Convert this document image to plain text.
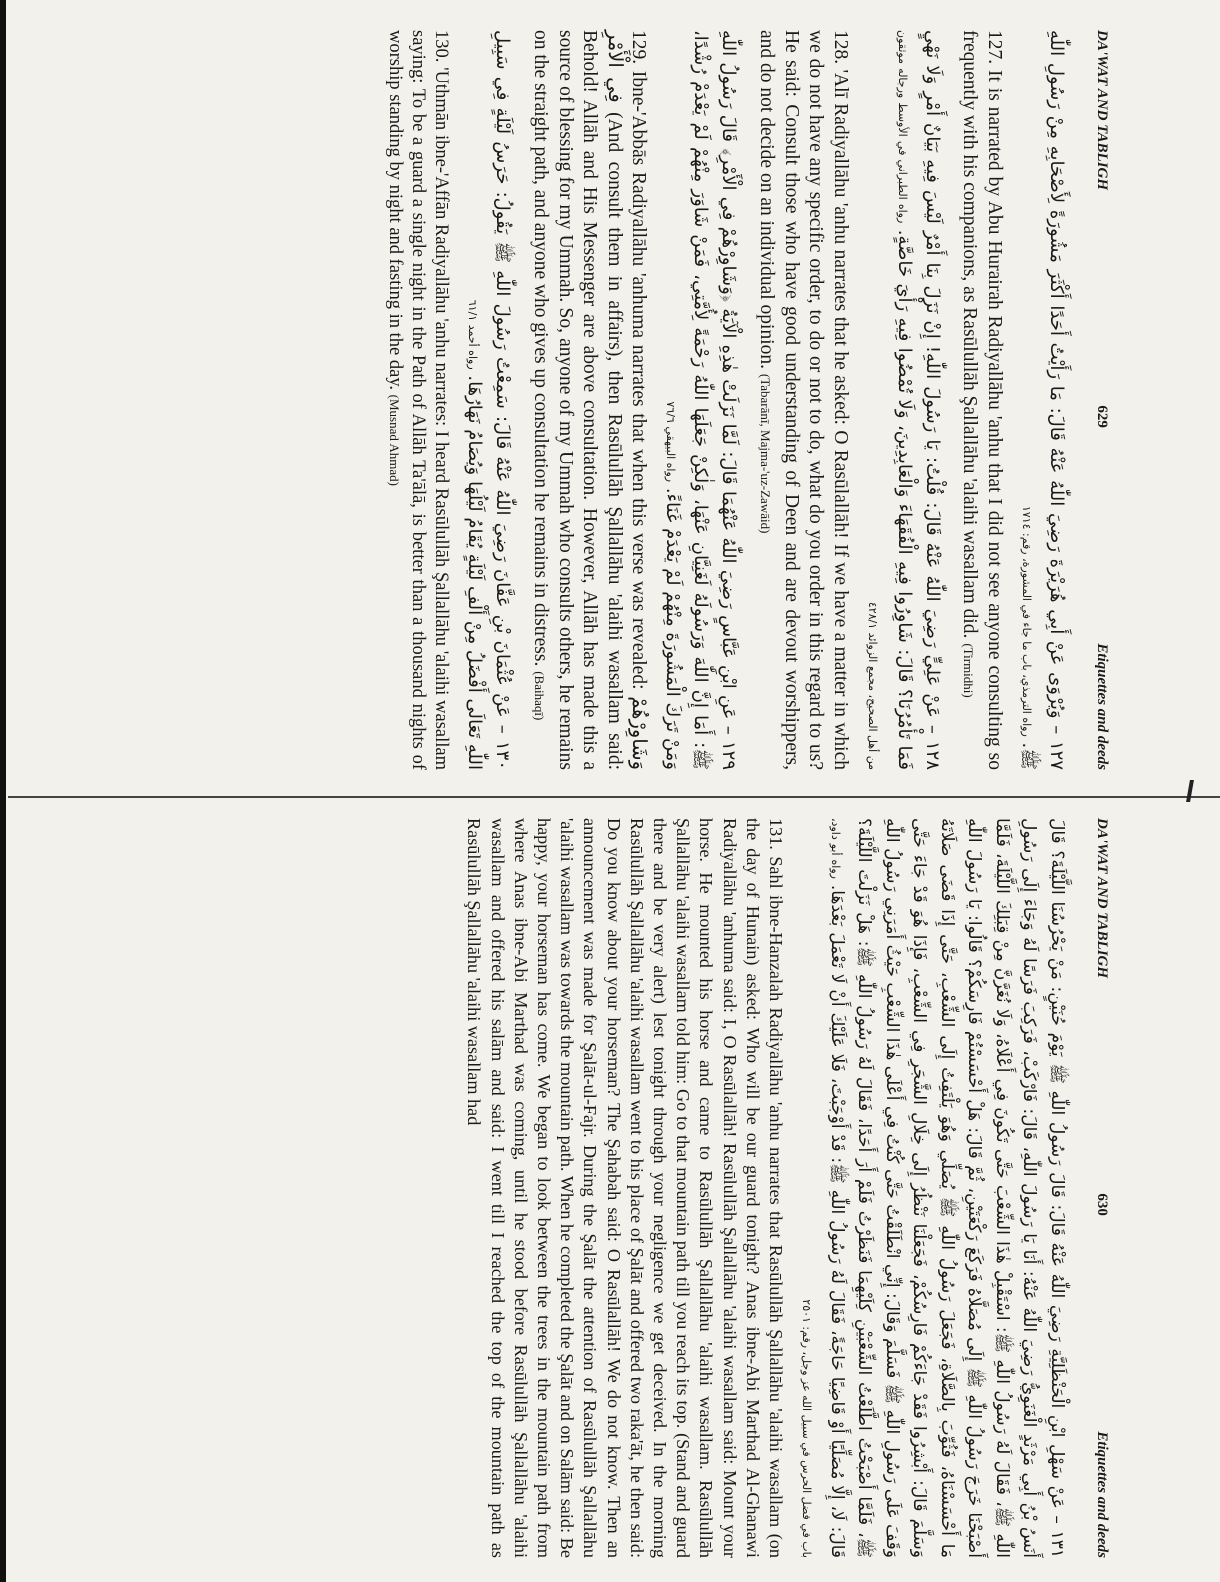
DA'WAT AND TABLIGH
629
Etiquettes and deeds

١٢٧ – وَيُرْوَى عَنْ أَبِي هُرَيْرَةَ رَضِيَ اللّٰهُ عَنْهُ قَالَ: مَا رَأَيْتُ أَحَدًا أَكْثَرَ مَشُورَةً لِأَصْحَابِهِ مِنْ رَسُولِ اللّٰهِ ﷺ. رواه الترمذي، باب ما جاء في المشورة، رقم: ١٧١٤

127. It is narrated by Abu Hurairah Radiyallāhu 'anhu that I did not see anyone consulting so frequently with his companions, as Rasūlullāh Şallallāhu 'alaihi wasallam did. (Tirmidhi)

١٢٨ – عَنْ عَلِيٍّ رَضِيَ اللّٰهُ عَنْهُ قَالَ: قُلْتُ: يَا رَسُولَ اللّٰهِ! إِنْ نَزَلَ بِنَا أَمْرٌ لَيْسَ فِيهِ بَيَانٌ أَمْرٍ وَلَا نَهْيٍ فَمَا تَأْمُرُنَا؟ قَالَ: شَاوِرُوا فِيهِ الْفُقَهَاءَ وَالْعَابِدِينَ، وَلَا تُمْضُوا فِيهِ رَأْيَ خَاصَّةٍ. رواه الطبراني في الأوسط ورجاله موثقون من أهل الصحيح، مجمع الزوائد ٤٢٨/١

128. 'Alī Radiyallāhu 'anhu narrates that he asked: O Rasūlallāh! If we have a matter in which we do not have any specific order, to do or not to do, what do you order in this regard to us? He said: Consult those who have good understanding of Deen and are devout worshippers, and do not decide on an individual opinion. (Tabarānī, Majma-'uz-Zawāid)

١٢٩ – عَنِ ابْنِ عَبَّاسٍ رَضِيَ اللّٰهُ عَنْهُمَا قَالَ: لَمَّا نَزَلَتْ هٰذِهِ الْآيَةُ ﴿وَشَاوِرْهُمْ فِي الْأَمْرِ﴾ قَالَ رَسُولُ اللّٰهِ ﷺ: أَمَا إِنَّ اللّٰهَ وَرَسُولَهُ لَغَنِيَّانِ عَنْهَا، وَلٰكِنْ جَعَلَهَا اللّٰهُ رَحْمَةً لِأُمَّتِي، فَمَنْ شَاوَرَ مِنْهُمْ لَمْ يَعْدَمْ رُشْدًا، وَمَنْ تَرَكَ الْمَشُورَةَ مِنْهُمْ لَمْ يَعْدَمْ غَنَاءً. رواه البيهقي ٧٦/٦

129. Ibne-'Abbās Radiyallāhu 'anhuma narrates that when this verse was revealed: وَشَاوِرْهُمْ فِي الْأَمْرِ (And consult them in affairs), then Rasūlullāh Şallallāhu 'alaihi wasallam said: Behold! Allāh and His Messenger are above consultation. However, Allāh has made this a source of blessing for my Ummah. So, anyone of my Ummah who consults others, he remains on the straight path, and anyone who gives up consultation he remains in distress. (Baihaqī)

١٣٠ – عَنْ عُثْمَانَ بْنِ عَفَّانَ رَضِيَ اللّٰهُ عَنْهُ قَالَ: سَمِعْتُ رَسُولَ اللّٰهِ ﷺ يَقُولُ: حَرَسُ لَيْلَةٍ فِي سَبِيلِ اللّٰهِ تَعَالَى أَفْضَلُ مِنْ أَلْفِ لَيْلَةٍ يُقَامُ لَيْلُهَا وَيُصَامُ نَهَارُهَا. رواه أحمد ٦١/١

130. 'Uthmān ibne-'Affān Radiyallāhu 'anhu narrates: I heard Rasūlullāh Şallallāhu 'alaihi wasallam saying: To be a guard a single night in the Path of Allāh Ta'ālā, is better than a thousand nights of worship standing by night and fasting in the day. (Musnad Ahmad)

DA'WAT AND TABLIGH
630
Etiquettes and deeds

١٣١ – عَنْ سَهْلِ ابْنِ الْحَنْظَلِيَّةِ رَضِيَ اللّٰهُ عَنْهُ قَالَ: قَالَ رَسُولُ اللّٰهِ ﷺ يَوْمَ حُنَيْنٍ: مَنْ يَحْرُسُنَا اللَّيْلَةَ؟ قَالَ أَنَسُ بْنُ أَبِي مَرْثَدٍ الْغَنَوِيُّ رَضِيَ اللّٰهُ عَنْهُ: أَنَا يَا رَسُولَ اللّٰهِ، قَالَ: فَارْكَبْ، فَرَكِبَ فَرَسًا لَهُ وَجَاءَ إِلَى رَسُولِ اللّٰهِ ﷺ، فَقَالَ لَهُ رَسُولُ اللّٰهِ ﷺ: اسْتَقْبِلْ هٰذَا الشِّعْبَ حَتَّى تَكُونَ فِي أَعْلَاهُ، وَلَا نُغَرَّنَّ مِنْ قِبَلِكَ اللَّيْلَةَ، فَلَمَّا أَصْبَحْنَا خَرَجَ رَسُولُ اللّٰهِ ﷺ إِلَى مُصَلَّاهُ فَرَكَعَ رَكْعَتَيْنِ، ثُمَّ قَالَ: هَلْ أَحْسَسْتُمْ فَارِسَكُمْ؟ قَالُوا: يَا رَسُولَ اللّٰهِ مَا أَحْسَسْنَاهُ، فَثُوِّبَ بِالصَّلَاةِ، فَجَعَلَ رَسُولُ اللّٰهِ ﷺ يُصَلِّي وَهُوَ يَلْتَفِتُ إِلَى الشِّعْبِ، حَتَّى إِذَا قَضَى صَلَاتَهُ وَسَلَّمَ قَالَ: أَبْشِرُوا فَقَدْ جَاءَكُمْ فَارِسُكُمْ، فَجَعَلْنَا نَنْظُرُ إِلَى خِلَالِ الشَّجَرِ فِي الشِّعْبِ، فَإِذَا هُوَ قَدْ جَاءَ حَتَّى وَقَفَ عَلَى رَسُولِ اللّٰهِ ﷺ فَسَلَّمَ وَقَالَ: إِنِّي انْطَلَقْتُ حَتَّى كُنْتُ فِي أَعْلَى هٰذَا الشِّعْبِ حَيْثُ أَمَرَنِي رَسُولُ اللّٰهِ ﷺ، فَلَمَّا أَصْبَحْتُ اطَّلَعْتُ الشِّعْبَيْنِ كِلَيْهِمَا فَنَظَرْتُ فَلَمْ أَرَ أَحَدًا، فَقَالَ لَهُ رَسُولُ اللّٰهِ ﷺ: هَلْ نَزَلْتَ اللَّيْلَةَ؟ قَالَ: لَا، إِلَّا مُصَلِّيًا أَوْ قَاضِيًا حَاجَةً، فَقَالَ لَهُ رَسُولُ اللّٰهِ ﷺ: قَدْ أَوْجَبْتَ، فَلَا عَلَيْكَ أَنْ لَا تَعْمَلَ بَعْدَهَا. رواه أبو داود، باب في فضل الحرس في سبيل الله عز وجل، رقم: ٢٥٠١

131. Sahl ibne-Hanzalah Radiyallāhu 'anhu narrates that Rasūlullāh Şallallāhu 'alaihi wasallam (on the day of Hunain) asked: Who will be our guard tonight? Anas ibne-Abi Marthad Al-Ghanawi Radiyallāhu 'anhuma said: I, O Rasūlallāh! Rasūlullāh Şallallāhu 'alaihi wasallam said: Mount your horse. He mounted his horse and came to Rasūlullāh Şallallāhu 'alaihi wasallam. Rasūlullāh Şallallāhu 'alaihi wasallam told him: Go to that mountain path till you reach its top. (Stand and guard there and be very alert) lest tonight through your negligence we get deceived. In the morning Rasūlullāh Şallallāhu 'alaihi wasallam went to his place of Şalāt and offered two raka'āt, he then said: Do you know about your horseman? The Şahabah said: O Rasūlallāh! We do not know. Then an announcement was made for Şalāt-ul-Fajr. During the Şalāt the attention of Rasūlullāh Şallallāhu 'alaihi wasallam was towards the mountain path. When he completed the Şalāt and on Salām said: Be happy, your horseman has come. We began to look between the trees in the mountain path from where Anas ibne-Abi Marthad was coming, until he stood before Rasūlullāh Şallallāhu 'alaihi wasallam and offered his salām and said: I went till I reached the top of the mountain path as Rasūlullāh Şallallāhu 'alaihi wasallam had
